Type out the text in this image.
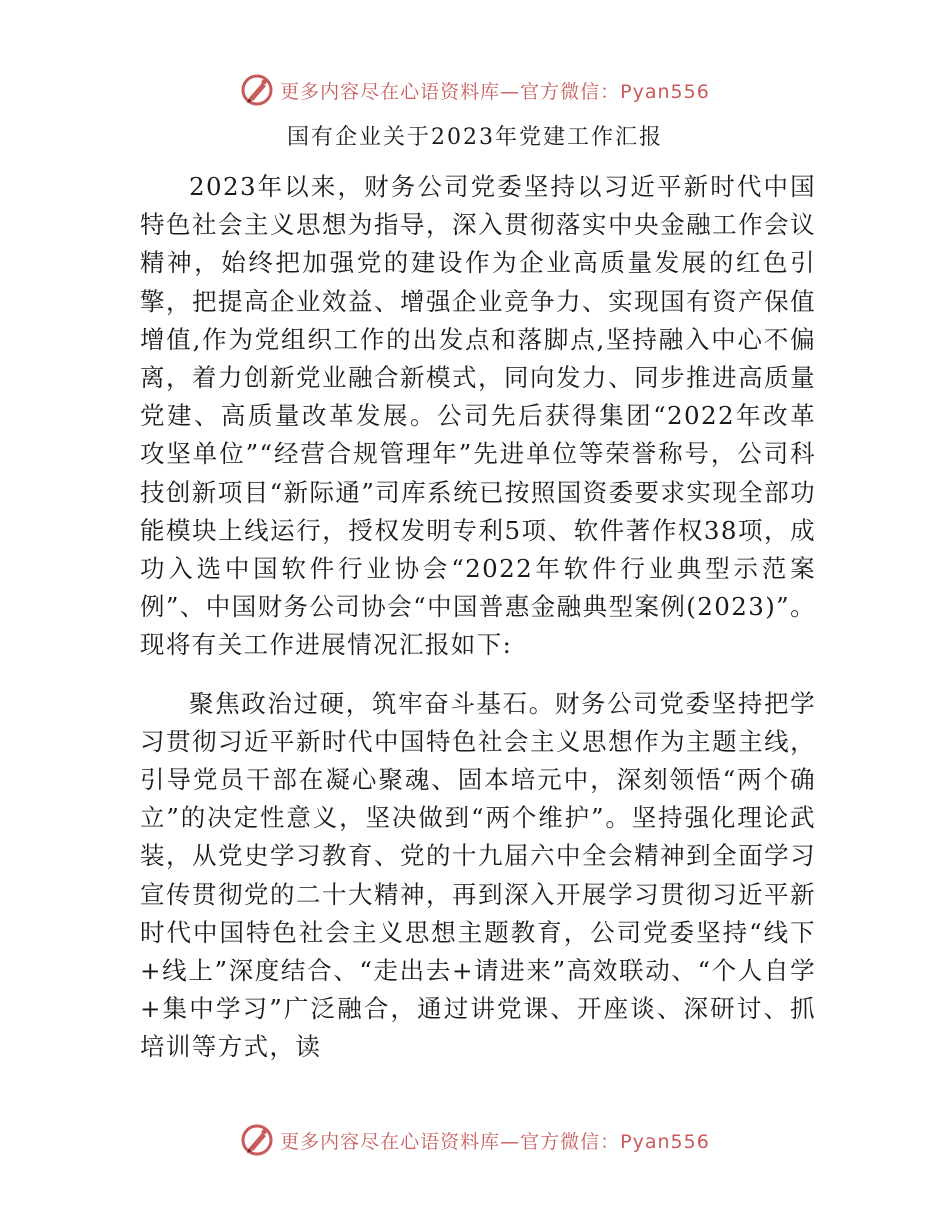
更多内容尽在心语资料库—官方微信：Pyan556
国有企业关于2023年党建工作汇报

2023年以来，财务公司党委坚持以习近平新时代中国特色社会主义思想为指导，深入贯彻落实中央金融工作会议精神，始终把加强党的建设作为企业高质量发展的红色引擎，把提高企业效益、增强企业竞争力、实现国有资产保值增值,作为党组织工作的出发点和落脚点,坚持融入中心不偏离，着力创新党业融合新模式，同向发力、同步推进高质量党建、高质量改革发展。公司先后获得集团“2022年改革攻坚单位”“经营合规管理年”先进单位等荣誉称号，公司科技创新项目“新际通”司库系统已按照国资委要求实现全部功能模块上线运行，授权发明专利5项、软件著作权38项，成功入选中国软件行业协会“2022年软件行业典型示范案例”、中国财务公司协会“中国普惠金融典型案例(2023)”。现将有关工作进展情况汇报如下:

聚焦政治过硬，筑牢奋斗基石。财务公司党委坚持把学习贯彻习近平新时代中国特色社会主义思想作为主题主线，引导党员干部在凝心聚魂、固本培元中，深刻领悟“两个确立”的决定性意义，坚决做到“两个维护”。坚持强化理论武装，从党史学习教育、党的十九届六中全会精神到全面学习宣传贯彻党的二十大精神，再到深入开展学习贯彻习近平新时代中国特色社会主义思想主题教育，公司党委坚持“线下+线上”深度结合、“走出去+请进来”高效联动、“个人自学+集中学习”广泛融合，通过讲党课、开座谈、深研讨、抓培训等方式，读

更多内容尽在心语资料库—官方微信：Pyan556
